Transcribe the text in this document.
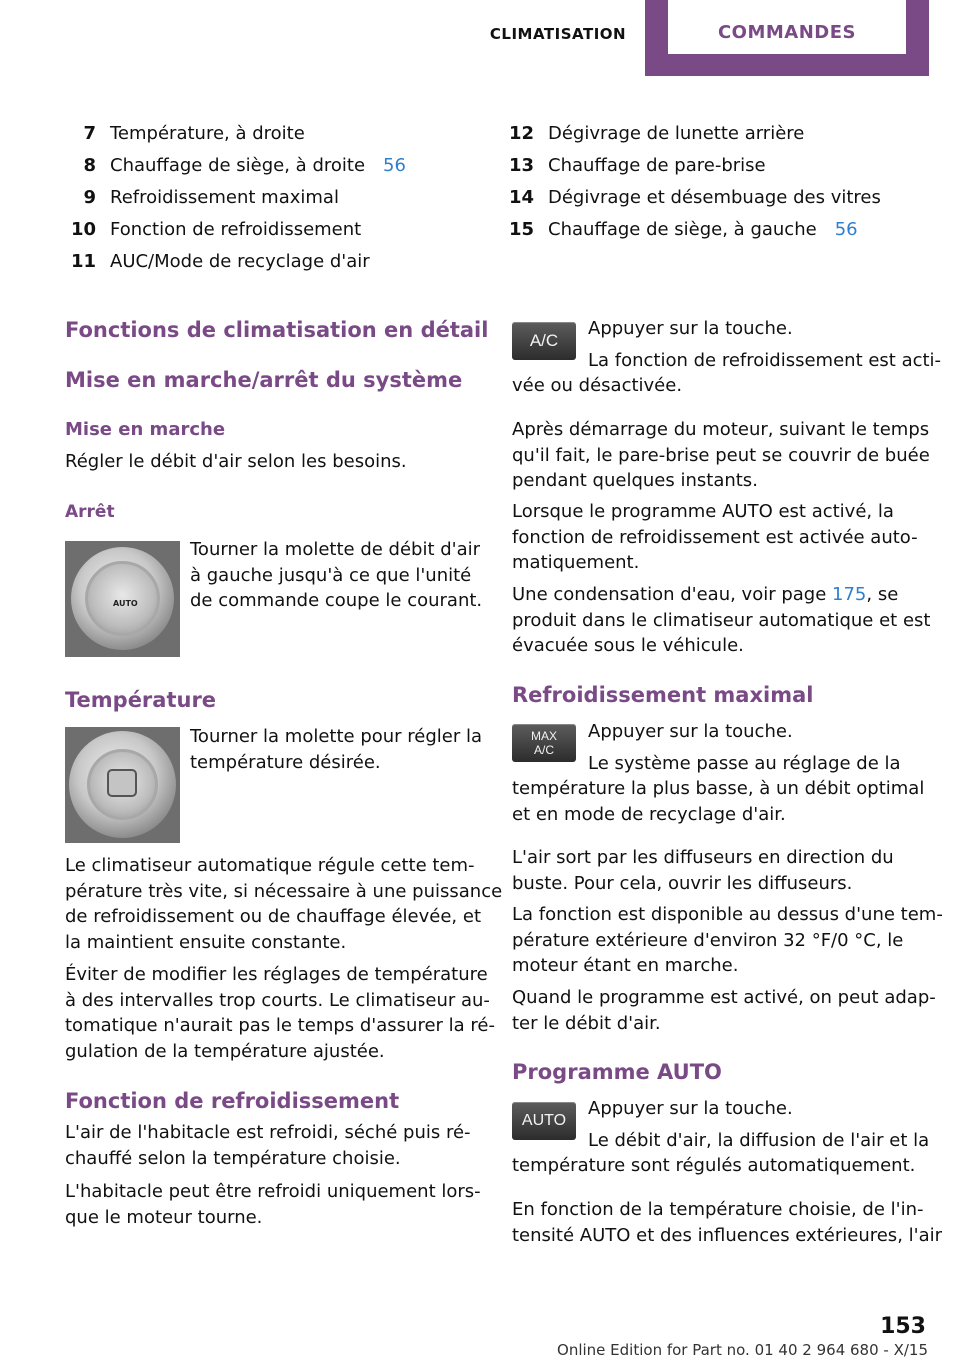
CLIMATISATION	COMMANDES
7 Température, à droite
8 Chauffage de siège, à droite 56
9 Refroidissement maximal
10 Fonction de refroidissement
11 AUC/Mode de recyclage d'air
12 Dégivrage de lunette arrière
13 Chauffage de pare-brise
14 Dégivrage et désembuage des vitres
15 Chauffage de siège, à gauche 56
Fonctions de climatisation en détail
Mise en marche/arrêt du système
Mise en marche
Régler le débit d'air selon les besoins.
Arrêt
AUTO
Tourner la molette de débit d'air
à gauche jusqu'à ce que l'unité
de commande coupe le courant.
Température
Tourner la molette pour régler la
température désirée.
Le climatiseur automatique régule cette tem-
pérature très vite, si nécessaire à une puissance
de refroidissement ou de chauffage élevée, et
la maintient ensuite constante.
Éviter de modifier les réglages de température
à des intervalles trop courts. Le climatiseur au-
tomatique n'aurait pas le temps d'assurer la ré-
gulation de la température ajustée.
Fonction de refroidissement
L'air de l'habitacle est refroidi, séché puis ré-
chauffé selon la température choisie.
L'habitacle peut être refroidi uniquement lors-
que le moteur tourne.
A/C
Appuyer sur la touche.
La fonction de refroidissement est acti-
vée ou désactivée.
Après démarrage du moteur, suivant le temps
qu'il fait, le pare-brise peut se couvrir de buée
pendant quelques instants.
Lorsque le programme AUTO est activé, la
fonction de refroidissement est activée auto-
matiquement.
Une condensation d'eau, voir page 175, se
produit dans le climatiseur automatique et est
évacuée sous le véhicule.
Refroidissement maximal
MAX
A/C
Appuyer sur la touche.
Le système passe au réglage de la
température la plus basse, à un débit optimal
et en mode de recyclage d'air.
L'air sort par les diffuseurs en direction du
buste. Pour cela, ouvrir les diffuseurs.
La fonction est disponible au dessus d'une tem-
pérature extérieure d'environ 32 °F/0 °C, le
moteur étant en marche.
Quand le programme est activé, on peut adap-
ter le débit d'air.
Programme AUTO
AUTO
Appuyer sur la touche.
Le débit d'air, la diffusion de l'air et la
température sont régulés automatiquement.
En fonction de la température choisie, de l'in-
tensité AUTO et des influences extérieures, l'air
153
Online Edition for Part no. 01 40 2 964 680 - X/15
